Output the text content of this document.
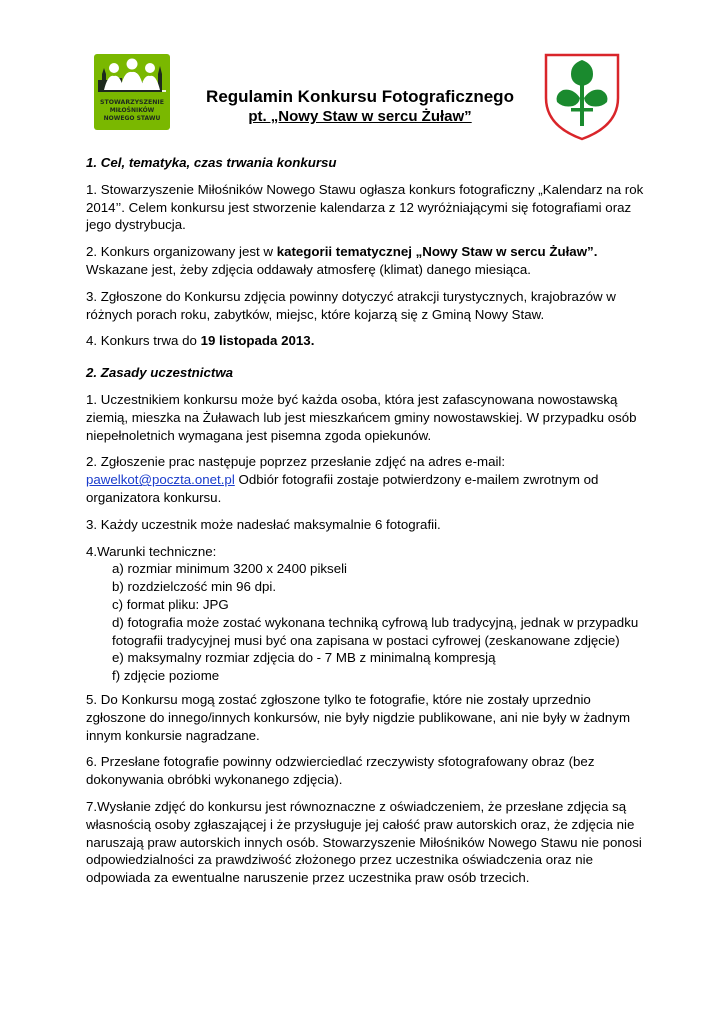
STOWARZYSZENIE
MIŁOŚNIKÓW
NOWEGO STAWU
Regulamin Konkursu Fotograficznego
pt. „Nowy Staw w sercu Żuław”

1. Cel, tematyka, czas trwania konkursu

1. Stowarzyszenie Miłośników Nowego Stawu ogłasza konkurs fotograficzny „Kalendarz na rok 2014’’. Celem konkursu jest stworzenie kalendarza z 12 wyróżniającymi się fotografiami oraz jego dystrybucja.

2. Konkurs organizowany jest w kategorii tematycznej „Nowy Staw w sercu Żuław”. Wskazane jest, żeby zdjęcia oddawały atmosferę (klimat) danego miesiąca.

3. Zgłoszone do Konkursu zdjęcia powinny dotyczyć atrakcji turystycznych, krajobrazów w różnych porach roku, zabytków, miejsc, które kojarzą się z Gminą Nowy Staw.

4. Konkurs trwa do 19 listopada 2013.

2. Zasady uczestnictwa

1. Uczestnikiem konkursu może być każda osoba, która jest zafascynowana nowostawską ziemią, mieszka na Żuławach lub jest mieszkańcem gminy nowostawskiej. W przypadku osób niepełnoletnich wymagana jest pisemna zgoda opiekunów.

2. Zgłoszenie prac następuje poprzez przesłanie zdjęć na adres e-mail: pawelkot@poczta.onet.pl Odbiór fotografii zostaje potwierdzony e-mailem zwrotnym od organizatora konkursu.

3. Każdy uczestnik może nadesłać maksymalnie 6 fotografii.

4.Warunki techniczne:

a) rozmiar minimum 3200 x 2400 pikseli
b) rozdzielczość min 96 dpi.
c) format pliku: JPG
d) fotografia może zostać wykonana techniką cyfrową lub tradycyjną, jednak w przypadku fotografii tradycyjnej musi być ona zapisana w postaci cyfrowej (zeskanowane zdjęcie)
e) maksymalny rozmiar zdjęcia do - 7 MB z minimalną kompresją
f) zdjęcie poziome

5. Do Konkursu mogą zostać zgłoszone tylko te fotografie, które nie zostały uprzednio zgłoszone do innego/innych konkursów, nie były nigdzie publikowane, ani nie były w żadnym innym konkursie nagradzane.

6. Przesłane fotografie powinny odzwierciedlać rzeczywisty sfotografowany obraz (bez dokonywania obróbki wykonanego zdjęcia).

7.Wysłanie zdjęć do konkursu jest równoznaczne z oświadczeniem, że przesłane zdjęcia są własnością osoby zgłaszającej i że przysługuje jej całość praw autorskich oraz, że zdjęcia nie naruszają praw autorskich innych osób. Stowarzyszenie Miłośników Nowego Stawu nie ponosi odpowiedzialności za prawdziwość złożonego przez uczestnika oświadczenia oraz nie odpowiada za ewentualne naruszenie przez uczestnika praw osób trzecich.
